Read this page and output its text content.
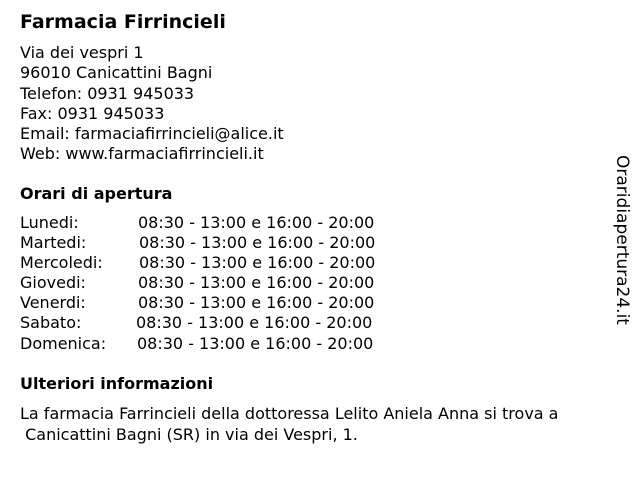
Farmacia Firrincieli
Via dei vespri 1
96010 Canicattini Bagni
Telefon: 0931 945033
Fax: 0931 945033
Email: farmaciafirrincieli@alice.it
Web: www.farmaciafirrincieli.it
Orari di apertura
Lunedi:	08:30 - 13:00 e 16:00 - 20:00
Martedi:	08:30 - 13:00 e 16:00 - 20:00
Mercoledi: 08:30 - 13:00 e 16:00 - 20:00
Giovedi:	08:30 - 13:00 e 16:00 - 20:00
Venerdi:	08:30 - 13:00 e 16:00 - 20:00
Sabato:	08:30 - 13:00 e 16:00 - 20:00
Domenica: 08:30 - 13:00 e 16:00 - 20:00
Ulteriori informazioni
La farmacia Farrincieli della dottoressa Lelito Aniela Anna si trova a
Canicattini Bagni (SR) in via dei Vespri, 1.
Oraridiapertura24.it
